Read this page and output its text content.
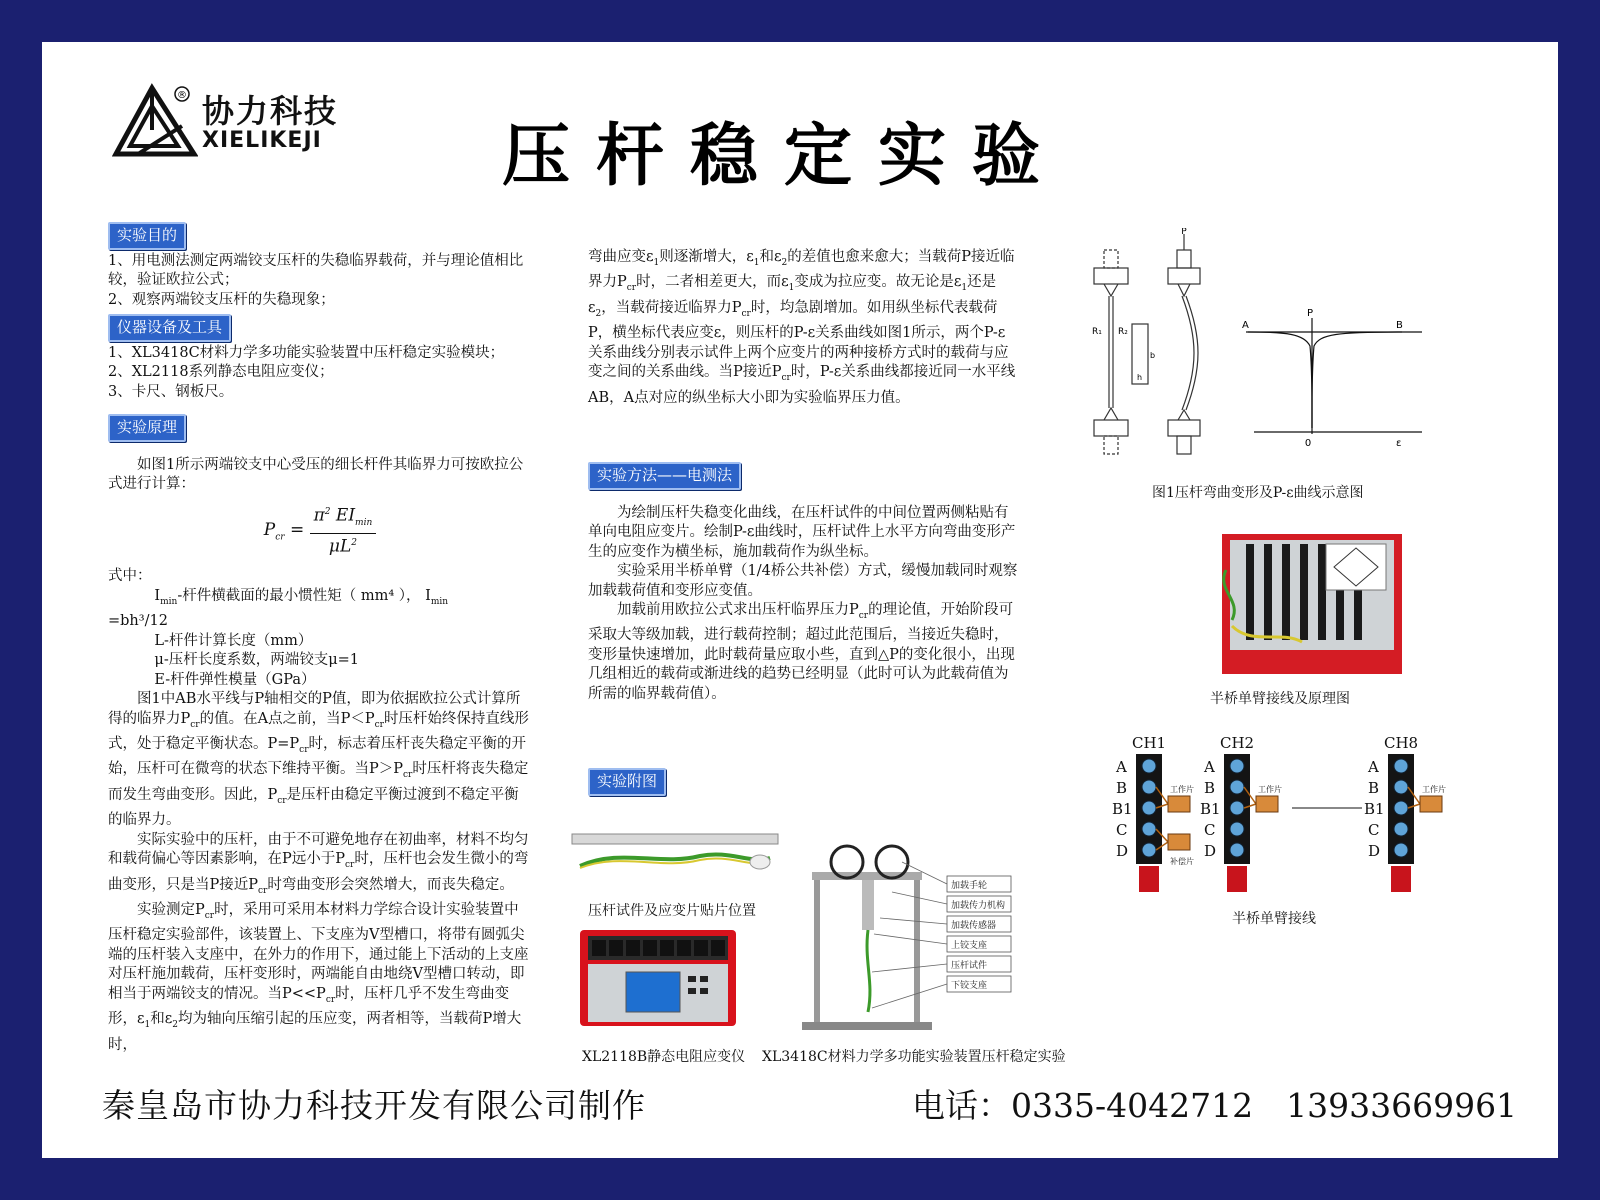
® 协力科技
XIELIKEJI	压杆稳定实验
实验目的

1、用电测法测定两端铰支压杆的失稳临界载荷，并与理论值相比较，验证欧拉公式；

2、观察两端铰支压杆的失稳现象；

仪器设备及工具

1、XL3418C材料力学多功能实验装置中压杆稳定实验模块；

2、XL2118系列静态电阻应变仪；

3、卡尺、钢板尺。

实验原理

如图1所示两端铰支中心受压的细长杆件其临界力可按欧拉公式进行计算：

$P_{cr} = \frac{\pi^2 EI_{min}}{\mu L^2}$

式中：

$I_{min}-$杆件横截面的最小惯性矩（ mm⁴ ）， $I_{min}$

=bh³/12

L-杆件计算长度（mm）

μ-压杆长度系数，两端铰支μ=1

E-杆件弹性模量（GPa）

图1中AB水平线与P轴相交的P值，即为依据欧拉公式计算所得的临界力$P_{cr}$的值。在A点之前，当$P<P_{cr}$时压杆始终保持直线形式，处于稳定平衡状态。$P=P_{cr}$时，标志着压杆丧失稳定平衡的开始，压杆可在微弯的状态下维持平衡。当$P>P_{cr}$时压杆将丧失稳定而发生弯曲变形。因此，$P_{cr}$是压杆由稳定平衡过渡到不稳定平衡的临界力。

实际实验中的压杆，由于不可避免地存在初曲率，材料不均匀和载荷偏心等因素影响，在P远小于$P_{cr}$时，压杆也会发生微小的弯曲变形，只是当P接近$P_{cr}$时弯曲变形会突然增大，而丧失稳定。

实验测定$P_{cr}$时，采用可采用本材料力学综合设计实验装置中压杆稳定实验部件，该装置上、下支座为V型槽口，将带有圆弧尖端的压杆装入支座中，在外力的作用下，通过能上下活动的上支座对压杆施加载荷，压杆变形时，两端能自由地绕V型槽口转动，即相当于两端铰支的情况。当$P<<P_{cr}$时，压杆几乎不发生弯曲变形，$\varepsilon_1$和$\varepsilon_2$均为轴向压缩引起的压应变，两者相等，当载荷P增大时，

弯曲应变$\varepsilon_1$则逐渐增大，$\varepsilon_1$和$\varepsilon_2$的差值也愈来愈大；当载荷P接近临界力$P_{cr}$时，二者相差更大，而$\varepsilon_1$变成为拉应变。故无论是$\varepsilon_1$还是$\varepsilon_2$，当载荷接近临界力$P_{cr}$时，均急剧增加。如用纵坐标代表载荷P，横坐标代表应变ε，则压杆的P-ε关系曲线如图1所示，两个P-ε关系曲线分别表示试件上两个应变片的两种接桥方式时的载荷与应变之间的关系曲线。当P接近$P_{cr}$时，P-ε关系曲线都接近同一水平线AB，A点对应的纵坐标大小即为实验临界压力值。

实验方法——电测法

为绘制压杆失稳变化曲线，在压杆试件的中间位置两侧粘贴有单向电阻应变片。绘制P-ε曲线时，压杆试件上水平方向弯曲变形产生的应变作为横坐标，施加载荷作为纵坐标。

实验采用半桥单臂（1/4桥公共补偿）方式，缓慢加载同时观察加载载荷值和变形应变值。

加载前用欧拉公式求出压杆临界压力$P_{cr}$的理论值，开始阶段可采取大等级加载，进行载荷控制；超过此范围后，当接近失稳时，变形量快速增加，此时载荷量应取小些，直到△P的变化很小，出现几组相近的载荷或渐进线的趋势已经明显（此时可认为此载荷值为所需的临界载荷值）。

实验附图
压杆试件及应变片贴片位置
XL2118B静态电阻应变仪
加载手轮
加载传力机构
加载传感器
上铰支座
压杆试件
下铰支座
XL3418C材料力学多功能实验装置压杆稳定实验
P
R₁ R₂
h
b
P
A	B
0	ε
图1压杆弯曲变形及P-ε曲线示意图
半桥单臂接线及原理图
CH1	CH2	CH8
A
B
B1
C
D
A
B
B1
C
D
A
B
B1
C
D
工作片
补偿片
工作片	工作片
半桥单臂接线
秦皇岛市协力科技开发有限公司制作	电话：0335-4042712　13933669961
